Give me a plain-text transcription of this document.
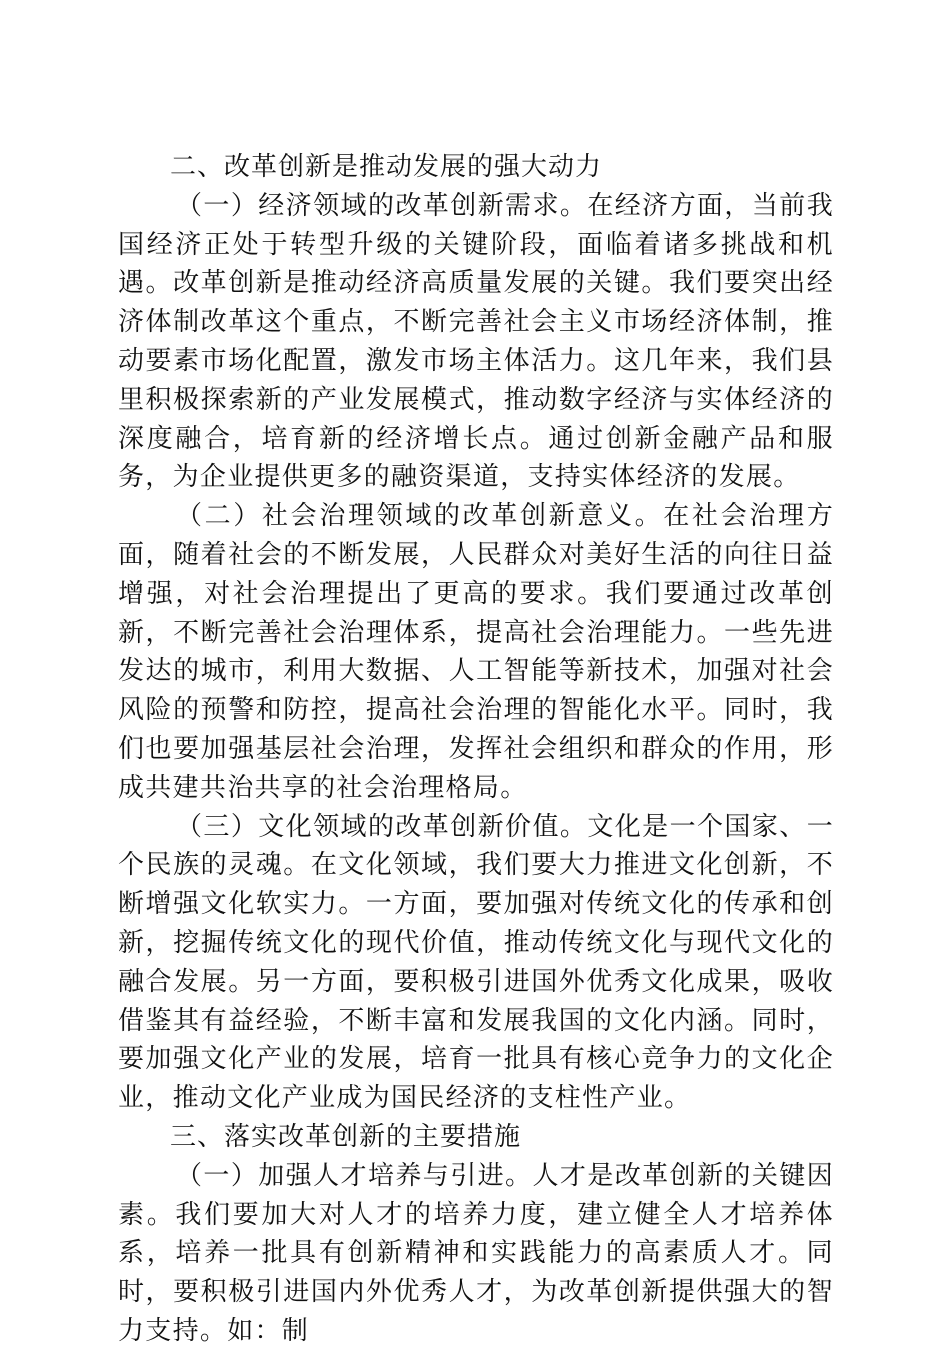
二、改革创新是推动发展的强大动力

（一）经济领域的改革创新需求。在经济方面，当前我国经济正处于转型升级的关键阶段，面临着诸多挑战和机遇。改革创新是推动经济高质量发展的关键。我们要突出经济体制改革这个重点，不断完善社会主义市场经济体制，推动要素市场化配置，激发市场主体活力。这几年来，我们县里积极探索新的产业发展模式，推动数字经济与实体经济的深度融合，培育新的经济增长点。通过创新金融产品和服务，为企业提供更多的融资渠道，支持实体经济的发展。

（二）社会治理领域的改革创新意义。在社会治理方面，随着社会的不断发展，人民群众对美好生活的向往日益增强，对社会治理提出了更高的要求。我们要通过改革创新，不断完善社会治理体系，提高社会治理能力。一些先进发达的城市，利用大数据、人工智能等新技术，加强对社会风险的预警和防控，提高社会治理的智能化水平。同时，我们也要加强基层社会治理，发挥社会组织和群众的作用，形成共建共治共享的社会治理格局。

（三）文化领域的改革创新价值。文化是一个国家、一个民族的灵魂。在文化领域，我们要大力推进文化创新，不断增强文化软实力。一方面，要加强对传统文化的传承和创新，挖掘传统文化的现代价值，推动传统文化与现代文化的融合发展。另一方面，要积极引进国外优秀文化成果，吸收借鉴其有益经验，不断丰富和发展我国的文化内涵。同时，要加强文化产业的发展，培育一批具有核心竞争力的文化企业，推动文化产业成为国民经济的支柱性产业。

三、落实改革创新的主要措施

（一）加强人才培养与引进。人才是改革创新的关键因素。我们要加大对人才的培养力度，建立健全人才培养体系，培养一批具有创新精神和实践能力的高素质人才。同时，要积极引进国内外优秀人才，为改革创新提供强大的智力支持。如：制
